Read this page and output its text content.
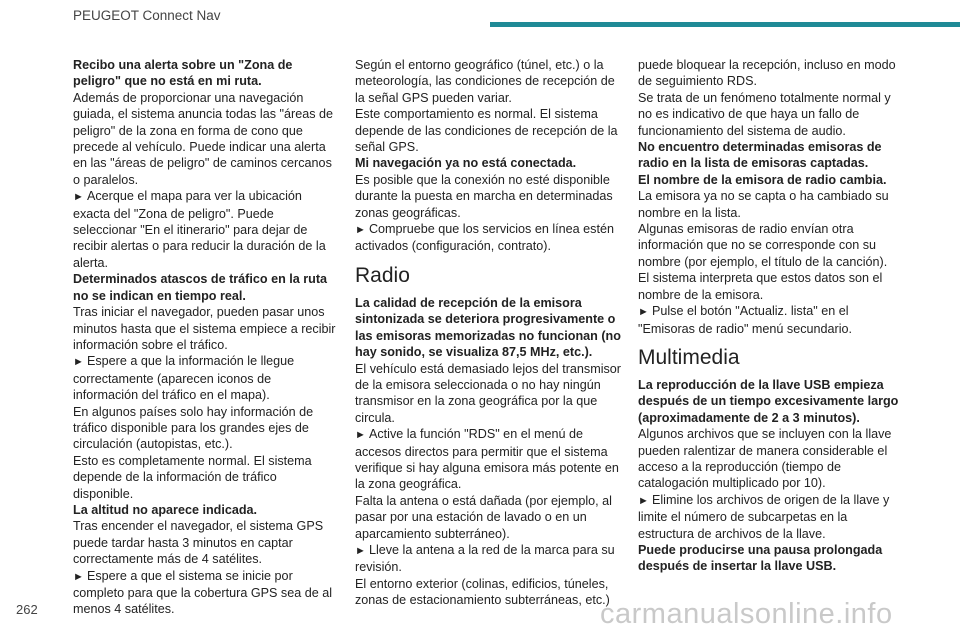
PEUGEOT Connect Nav

Recibo una alerta sobre un "Zona de peligro" que no está en mi ruta.

Además de proporcionar una navegación guiada, el sistema anuncia todas las "áreas de peligro" de la zona en forma de cono que precede al vehículo. Puede indicar una alerta en las "áreas de peligro" de caminos cercanos o paralelos.

► Acerque el mapa para ver la ubicación exacta del "Zona de peligro". Puede seleccionar "En el itinerario" para dejar de recibir alertas o para reducir la duración de la alerta.

Determinados atascos de tráfico en la ruta no se indican en tiempo real.

Tras iniciar el navegador, pueden pasar unos minutos hasta que el sistema empiece a recibir información sobre el tráfico.

► Espere a que la información le llegue correctamente (aparecen iconos de información del tráfico en el mapa).

En algunos países solo hay información de tráfico disponible para los grandes ejes de circulación (autopistas, etc.).

Esto es completamente normal. El sistema depende de la información de tráfico disponible.

La altitud no aparece indicada.

Tras encender el navegador, el sistema GPS puede tardar hasta 3 minutos en captar correctamente más de 4 satélites.

► Espere a que el sistema se inicie por completo para que la cobertura GPS sea de al menos 4 satélites.

Según el entorno geográfico (túnel, etc.) o la meteorología, las condiciones de recepción de la señal GPS pueden variar.

Este comportamiento es normal. El sistema depende de las condiciones de recepción de la señal GPS.

Mi navegación ya no está conectada.

Es posible que la conexión no esté disponible durante la puesta en marcha en determinadas zonas geográficas.

► Compruebe que los servicios en línea estén activados (configuración, contrato).

Radio

La calidad de recepción de la emisora sintonizada se deteriora progresivamente o las emisoras memorizadas no funcionan (no hay sonido, se visualiza 87,5 MHz, etc.).

El vehículo está demasiado lejos del transmisor de la emisora seleccionada o no hay ningún transmisor en la zona geográfica por la que circula.

► Active la función "RDS" en el menú de accesos directos para permitir que el sistema verifique si hay alguna emisora más potente en la zona geográfica.

Falta la antena o está dañada (por ejemplo, al pasar por una estación de lavado o en un aparcamiento subterráneo).

► Lleve la antena a la red de la marca para su revisión.

El entorno exterior (colinas, edificios, túneles, zonas de estacionamiento subterráneas, etc.)

puede bloquear la recepción, incluso en modo de seguimiento RDS.

Se trata de un fenómeno totalmente normal y no es indicativo de que haya un fallo de funcionamiento del sistema de audio.

No encuentro determinadas emisoras de radio en la lista de emisoras captadas.

El nombre de la emisora de radio cambia.

La emisora ya no se capta o ha cambiado su nombre en la lista.

Algunas emisoras de radio envían otra información que no se corresponde con su nombre (por ejemplo, el título de la canción).

El sistema interpreta que estos datos son el nombre de la emisora.

► Pulse el botón "Actualiz. lista" en el "Emisoras de radio" menú secundario.

Multimedia

La reproducción de la llave USB empieza después de un tiempo excesivamente largo (aproximadamente de 2 a 3 minutos).

Algunos archivos que se incluyen con la llave pueden ralentizar de manera considerable el acceso a la reproducción (tiempo de catalogación multiplicado por 10).

► Elimine los archivos de origen de la llave y limite el número de subcarpetas en la estructura de archivos de la llave.

Puede producirse una pausa prolongada después de insertar la llave USB.

262	carmanualsonline.info
